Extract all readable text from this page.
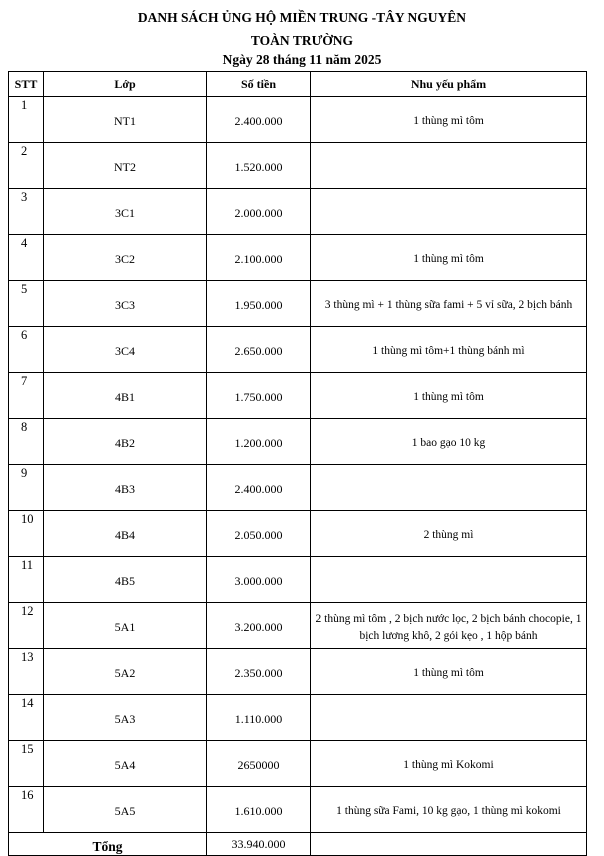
DANH SÁCH ỦNG HỘ MIỀN TRUNG -TÂY NGUYÊN
TOÀN TRƯỜNG
Ngày 28 tháng 11 năm 2025
STT	Lớp	Số tiền	Nhu yếu phẩm
1	NT1	2.400.000	1 thùng mì tôm
2	NT2	1.520.000	
3	3C1	2.000.000	
4	3C2	2.100.000	1 thùng mì tôm
5	3C3	1.950.000	3 thùng mì + 1 thùng sữa fami + 5 vỉ sữa, 2 bịch bánh
6	3C4	2.650.000	1 thùng mì tôm+1 thùng bánh mì
7	4B1	1.750.000	1 thùng mì tôm
8	4B2	1.200.000	1 bao gạo 10 kg
9	4B3	2.400.000	
10	4B4	2.050.000	2 thùng mì
11	4B5	3.000.000	
12	5A1	3.200.000	2 thùng mì tôm , 2 bịch nước lọc, 2 bịch bánh chocopie, 1 bịch lương khô, 2 gói kẹo , 1 hộp bánh
13	5A2	2.350.000	1 thùng mì tôm
14	5A3	1.110.000	
15	5A4	2650000	1 thùng mì Kokomi
16	5A5	1.610.000	1 thùng sữa Fami, 10 kg gạo, 1 thùng mì kokomi
Tổng		33.940.000	
